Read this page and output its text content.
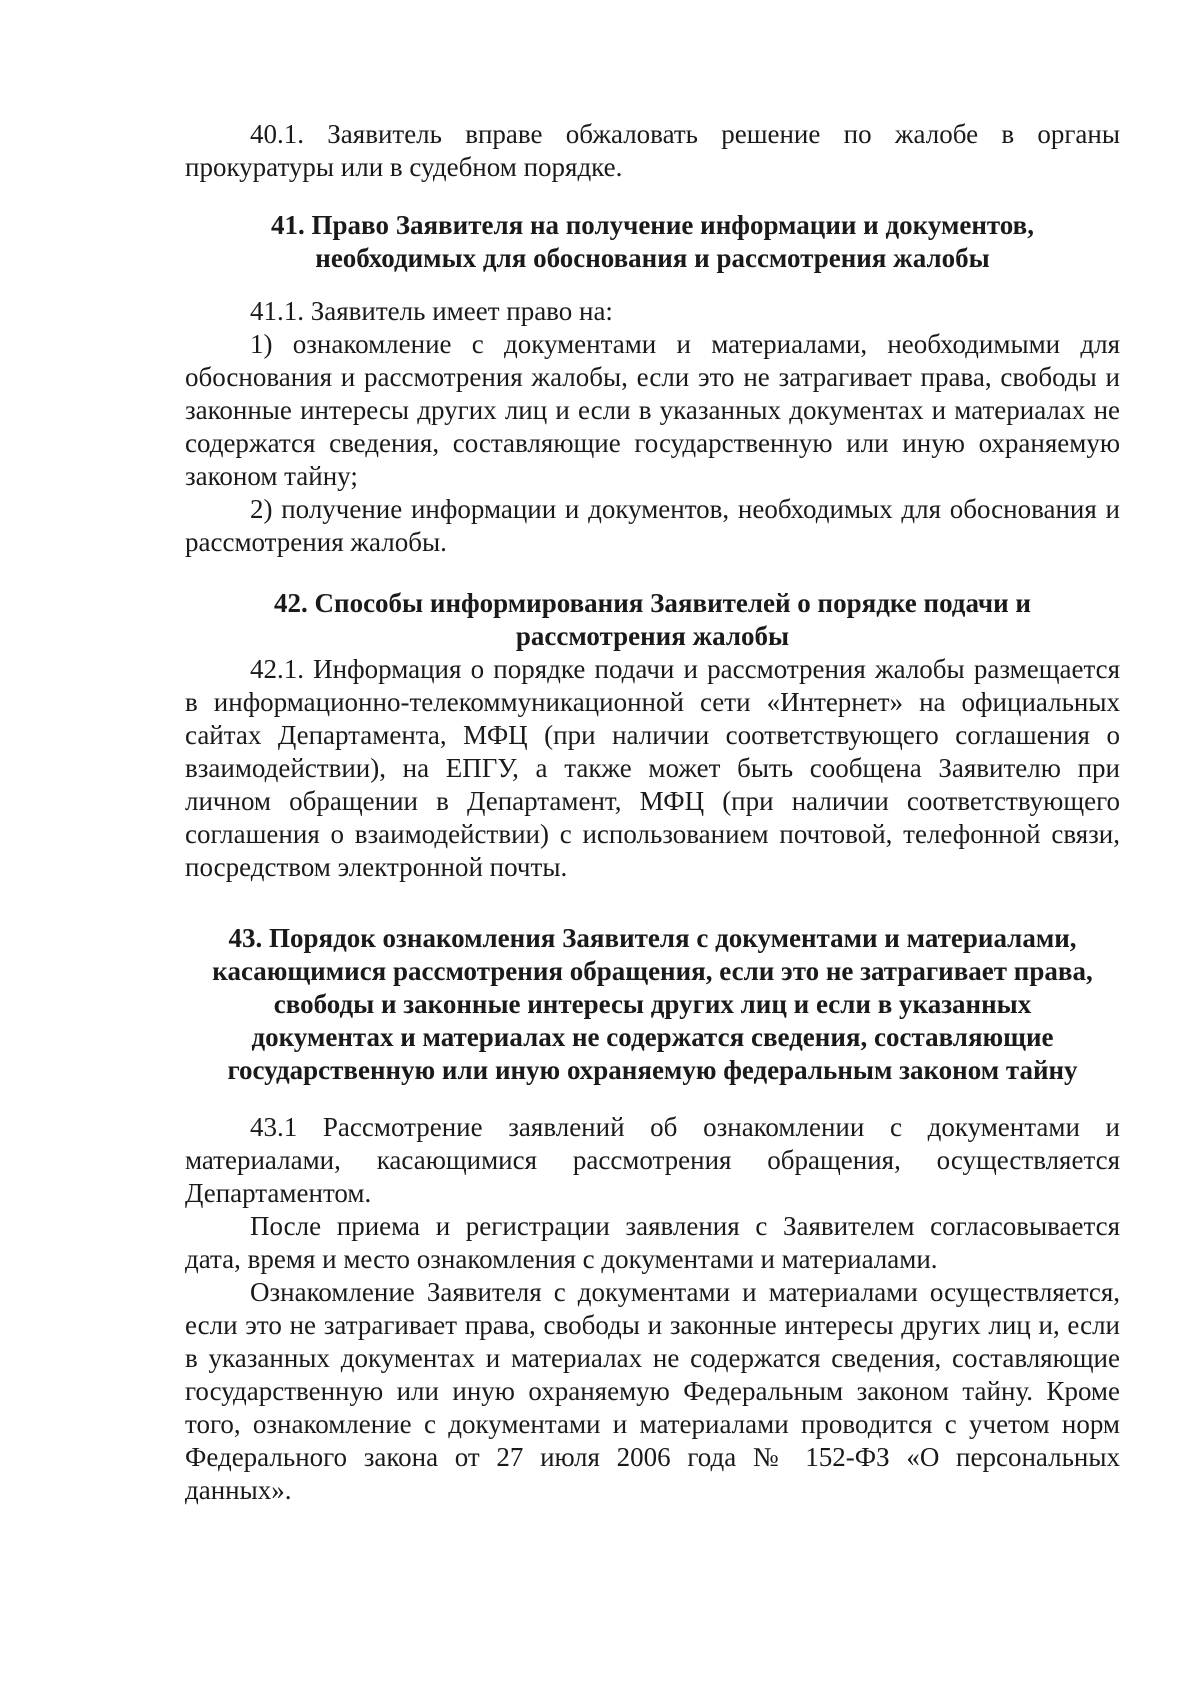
40.1. Заявитель вправе обжаловать решение по жалобе в органы прокуратуры или в судебном порядке.

41. Право Заявителя на получение информации и документов,
необходимых для обоснования и рассмотрения жалобы

41.1. Заявитель имеет право на:

1) ознакомление с документами и материалами, необходимыми для обоснования и рассмотрения жалобы, если это не затрагивает права, свободы и законные интересы других лиц и если в указанных документах и материалах не содержатся сведения, составляющие государственную или иную охраняемую законом тайну;

2) получение информации и документов, необходимых для обоснования и рассмотрения жалобы.

42. Способы информирования Заявителей о порядке подачи и
рассмотрения жалобы

42.1. Информация о порядке подачи и рассмотрения жалобы размещается в информационно-телекоммуникационной сети «Интернет» на официальных сайтах Департамента, МФЦ (при наличии соответствующего соглашения о взаимодействии), на ЕПГУ, а также может быть сообщена Заявителю при личном обращении в Департамент, МФЦ (при наличии соответствующего соглашения о взаимодействии) с использованием почтовой, телефонной связи, посредством электронной почты.

43. Порядок ознакомления Заявителя с документами и материалами,
касающимися рассмотрения обращения, если это не затрагивает права,
свободы и законные интересы других лиц и если в указанных
документах и материалах не содержатся сведения, составляющие
государственную или иную охраняемую федеральным законом тайну

43.1 Рассмотрение заявлений об ознакомлении с документами и материалами, касающимися рассмотрения обращения, осуществляется Департаментом.

После приема и регистрации заявления с Заявителем согласовывается дата, время и место ознакомления с документами и материалами.

Ознакомление Заявителя с документами и материалами осуществляется, если это не затрагивает права, свободы и законные интересы других лиц и, если в указанных документах и материалах не содержатся сведения, составляющие государственную или иную охраняемую Федеральным законом тайну. Кроме того, ознакомление с документами и материалами проводится с учетом норм Федерального закона от 27 июля 2006 года № 152-ФЗ «О персональных данных».
